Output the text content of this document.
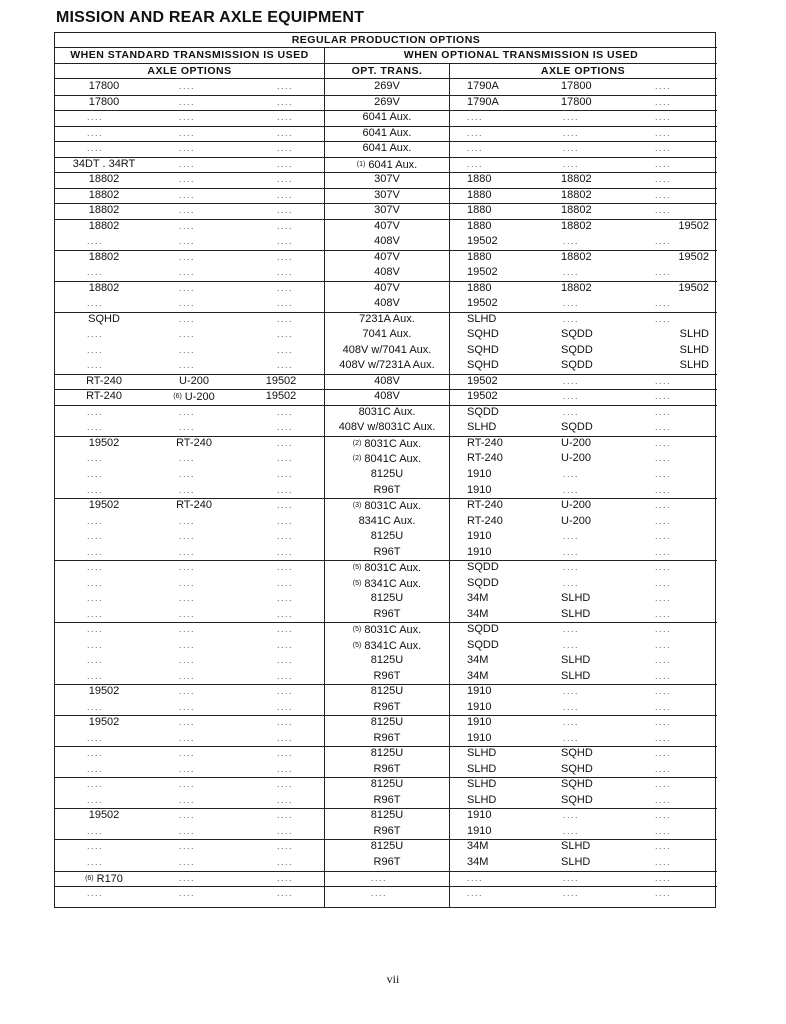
MISSION AND REAR AXLE EQUIPMENT
REGULAR PRODUCTION OPTIONS
WHEN STANDARD TRANSMISSION IS USED	WHEN OPTIONAL TRANSMISSION IS USED
AXLE OPTIONS	OPT. TRANS.	AXLE OPTIONS
17800	....	....	269V	1790A	17800	....
17800	....	....	269V	1790A	17800	....
....	....	....	6041 Aux.	....	....	....
....	....	....	6041 Aux.	....	....	....
....	....	....	6041 Aux.	....	....	....
34DT . 34RT	....	....	(1) 6041 Aux.	....	....	....
18802	....	....	307V	1880	18802	....
18802	....	....	307V	1880	18802	....
18802	....	....	307V	1880	18802	....
18802	....	....	407V	1880	18802	19502
....	....	....	408V	19502	....	....
18802	....	....	407V	1880	18802	19502
....	....	....	408V	19502	....	....
18802	....	....	407V	1880	18802	19502
....	....	....	408V	19502	....	....
SQHD	....	....	7231A Aux.	SLHD	....	....
....	....	....	7041 Aux.	SQHD	SQDD	SLHD
....	....	....	408V w/7041 Aux.	SQHD	SQDD	SLHD
....	....	....	408V w/7231A Aux.	SQHD	SQDD	SLHD
RT-240	U-200	19502	408V	19502	....	....
RT-240	(6) U-200	19502	408V	19502	....	....
....	....	....	8031C Aux.	SQDD	....	....
....	....	....	408V w/8031C Aux.	SLHD	SQDD	....
19502	RT-240	....	(2) 8031C Aux.	RT-240	U-200	....
....	....	....	(2) 8041C Aux.	RT-240	U-200	....
....	....	....	8125U	1910	....	....
....	....	....	R96T	1910	....	....
19502	RT-240	....	(3) 8031C Aux.	RT-240	U-200	....
....	....	....	8341C Aux.	RT-240	U-200	....
....	....	....	8125U	1910	....	....
....	....	....	R96T	1910	....	....
....	....	....	(5) 8031C Aux.	SQDD	....	....
....	....	....	(5) 8341C Aux.	SQDD	....	....
....	....	....	8125U	34M	SLHD	....
....	....	....	R96T	34M	SLHD	....
....	....	....	(5) 8031C Aux.	SQDD	....	....
....	....	....	(5) 8341C Aux.	SQDD	....	....
....	....	....	8125U	34M	SLHD	....
....	....	....	R96T	34M	SLHD	....
19502	....	....	8125U	1910	....	....
....	....	....	R96T	1910	....	....
19502	....	....	8125U	1910	....	....
....	....	....	R96T	1910	....	....
....	....	....	8125U	SLHD	SQHD	....
....	....	....	R96T	SLHD	SQHD	....
....	....	....	8125U	SLHD	SQHD	....
....	....	....	R96T	SLHD	SQHD	....
19502	....	....	8125U	1910	....	....
....	....	....	R96T	1910	....	....
....	....	....	8125U	34M	SLHD	....
....	....	....	R96T	34M	SLHD	....
(6) R170	....	....	....	....	....	....
....	....	....	....	....	....	....
vii
